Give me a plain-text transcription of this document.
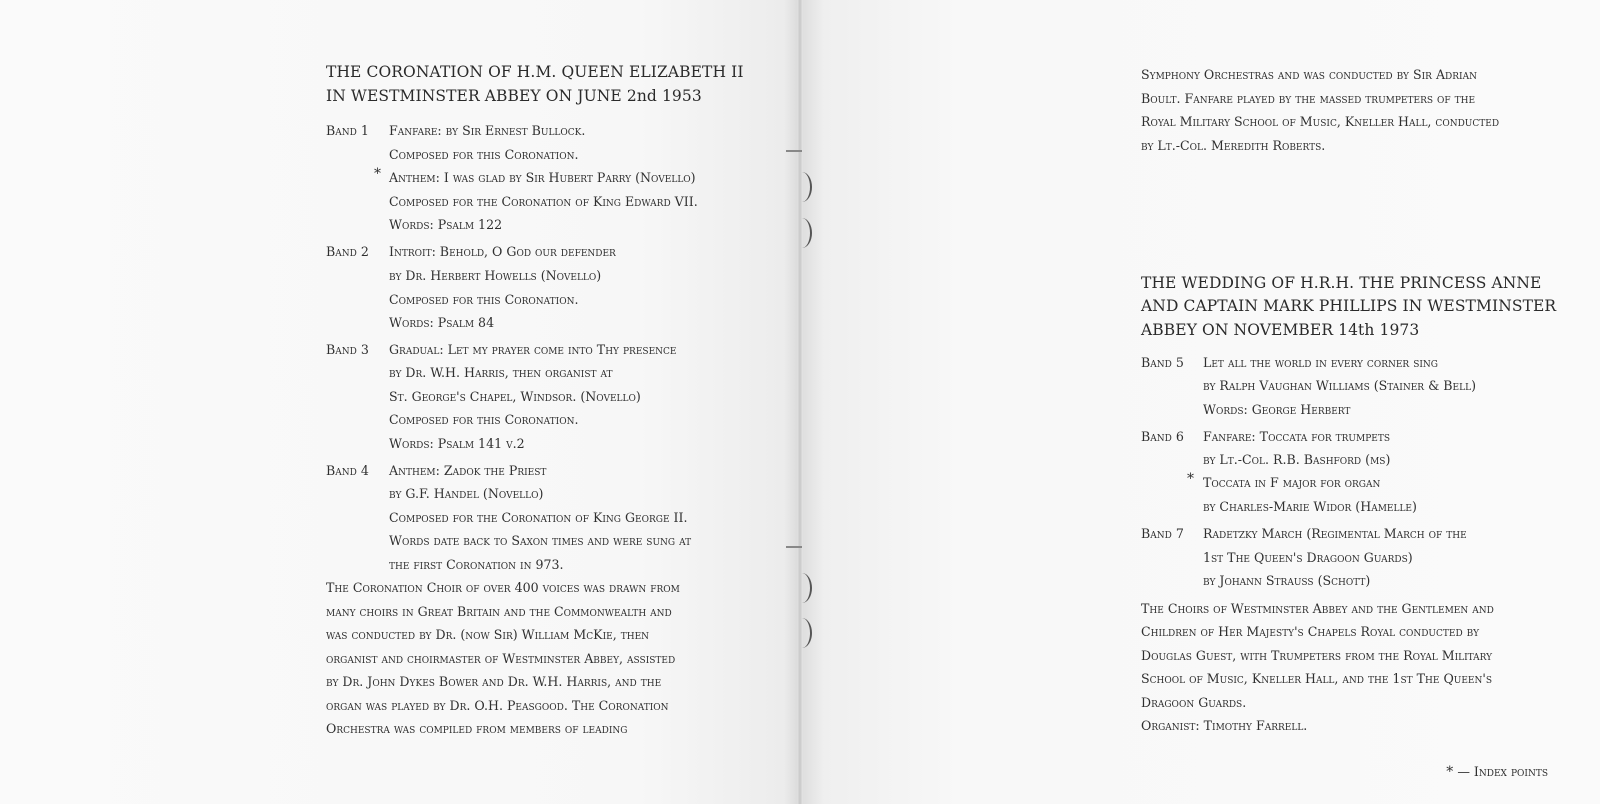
THE CORONATION OF H.M. QUEEN ELIZABETH II
IN WESTMINSTER ABBEY ON JUNE 2nd 1953
Band 1 Fanfare: by Sir Ernest Bullock.
Composed for this Coronation.
* Anthem: I was glad by Sir Hubert Parry (Novello)
Composed for the Coronation of King Edward VII.
Words: Psalm 122
Band 2 Introit: Behold, O God our defender
by Dr. Herbert Howells (Novello)
Composed for this Coronation.
Words: Psalm 84
Band 3 Gradual: Let my prayer come into Thy presence
by Dr. W.H. Harris, then organist at
St. George's Chapel, Windsor. (Novello)
Composed for this Coronation.
Words: Psalm 141 v.2
Band 4 Anthem: Zadok the Priest
by G.F. Handel (Novello)
Composed for the Coronation of King George II.
Words date back to Saxon times and were sung at
the first Coronation in 973.
The Coronation Choir of over 400 voices was drawn from
many choirs in Great Britain and the Commonwealth and
was conducted by Dr. (now Sir) William McKie, then
organist and choirmaster of Westminster Abbey, assisted
by Dr. John Dykes Bower and Dr. W.H. Harris, and the
organ was played by Dr. O.H. Peasgood. The Coronation
Orchestra was compiled from members of leading
Symphony Orchestras and was conducted by Sir Adrian
Boult. Fanfare played by the massed trumpeters of the
Royal Military School of Music, Kneller Hall, conducted
by Lt.-Col. Meredith Roberts.
THE WEDDING OF H.R.H. THE PRINCESS ANNE
AND CAPTAIN MARK PHILLIPS IN WESTMINSTER
ABBEY ON NOVEMBER 14th 1973
Band 5 Let all the world in every corner sing
by Ralph Vaughan Williams (Stainer & Bell)
Words: George Herbert
Band 6 Fanfare: Toccata for trumpets
by Lt.-Col. R.B. Bashford (ms)
* Toccata in F major for organ
by Charles-Marie Widor (Hamelle)
Band 7 Radetzky March (Regimental March of the
1st The Queen's Dragoon Guards)
by Johann Strauss (Schott)
The Choirs of Westminster Abbey and the Gentlemen and
Children of Her Majesty's Chapels Royal conducted by
Douglas Guest, with Trumpeters from the Royal Military
School of Music, Kneller Hall, and the 1st The Queen's
Dragoon Guards.
Organist: Timothy Farrell.
* — Index points
